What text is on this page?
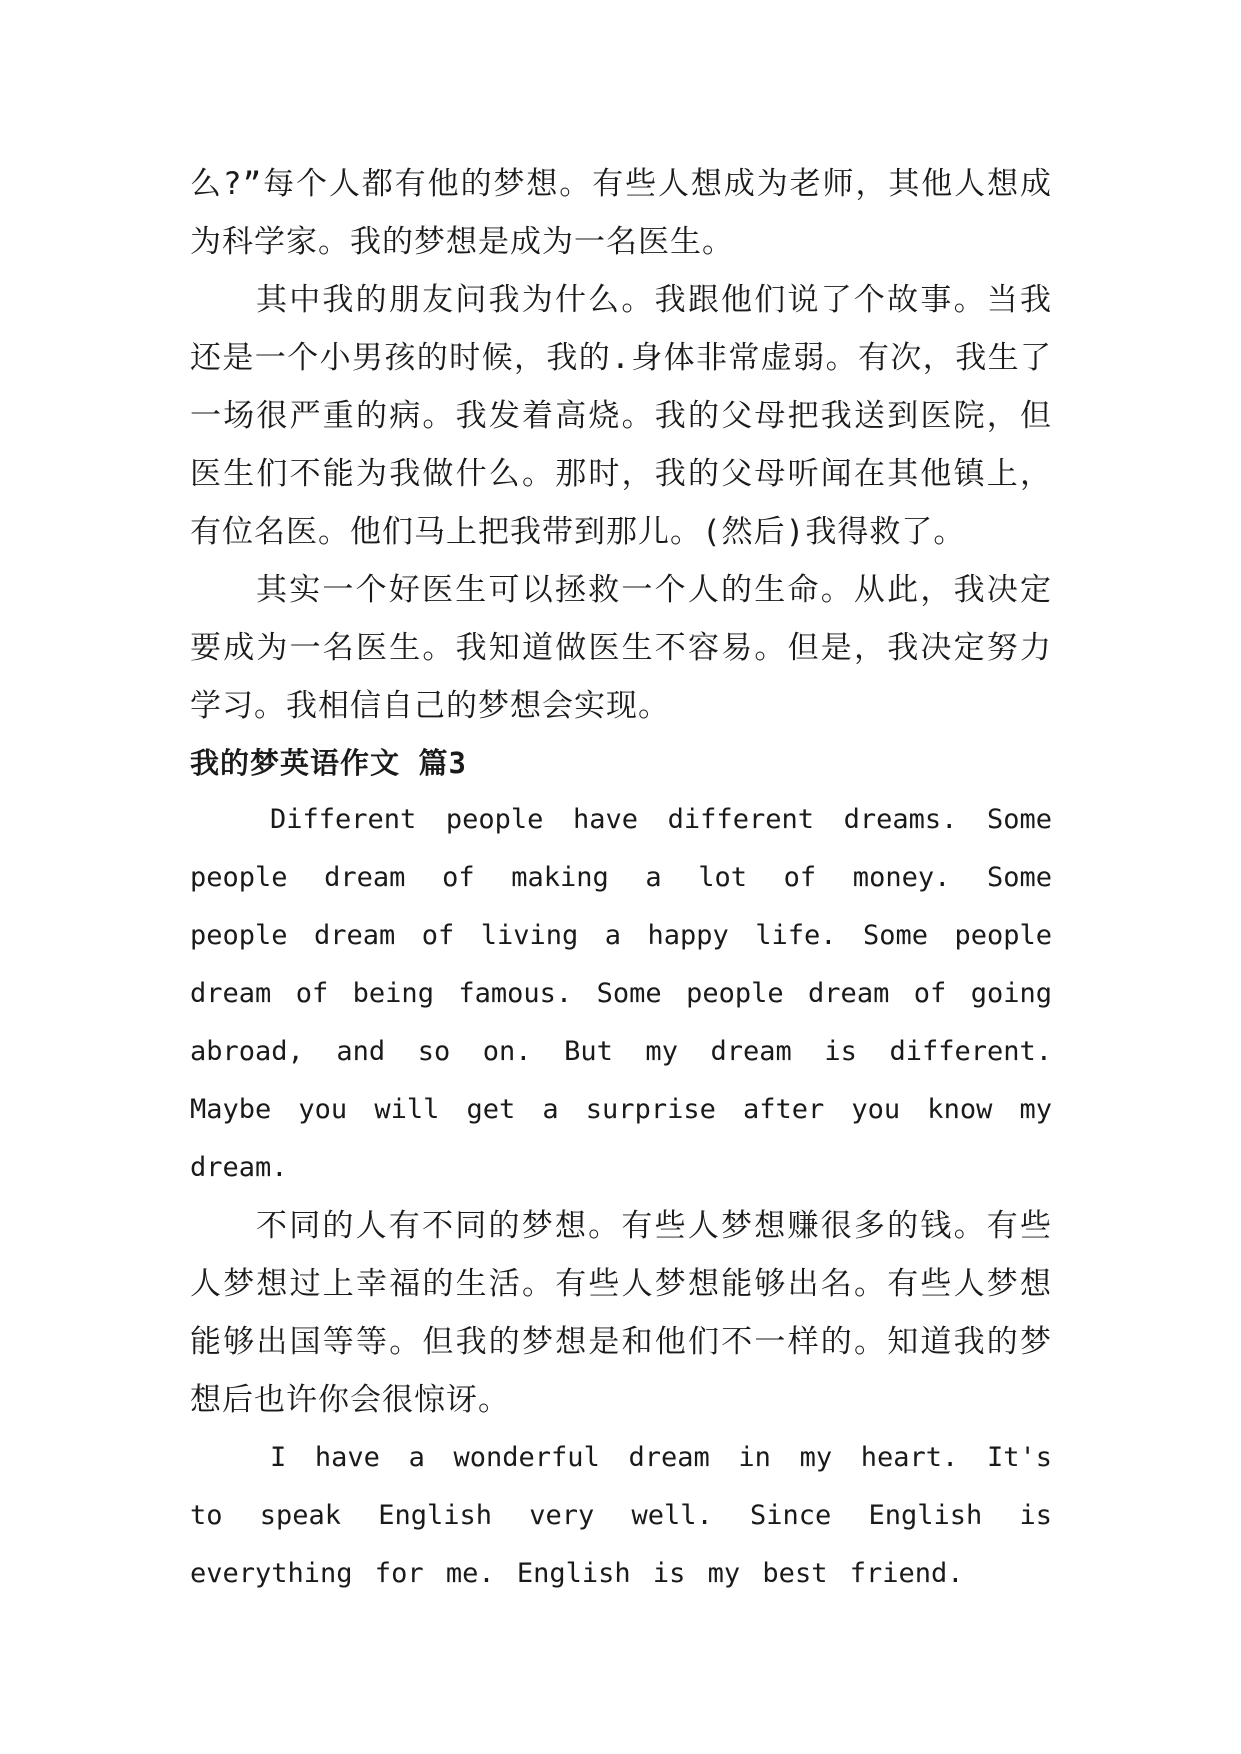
么?”每个人都有他的梦想。有些人想成为老师，其他人想成为科学家。我的梦想是成为一名医生。

其中我的朋友问我为什么。我跟他们说了个故事。当我还是一个小男孩的时候，我的.身体非常虚弱。有次，我生了一场很严重的病。我发着高烧。我的父母把我送到医院，但医生们不能为我做什么。那时，我的父母听闻在其他镇上，有位名医。他们马上把我带到那儿。(然后)我得救了。

其实一个好医生可以拯救一个人的生命。从此，我决定要成为一名医生。我知道做医生不容易。但是，我决定努力学习。我相信自己的梦想会实现。

我的梦英语作文 篇3

Different people have different dreams. Some people dream of making a lot of money. Some people dream of living a happy life. Some people dream of being famous. Some people dream of going abroad, and so on. But my dream is different. Maybe you will get a surprise after you know my dream.

不同的人有不同的梦想。有些人梦想赚很多的钱。有些人梦想过上幸福的生活。有些人梦想能够出名。有些人梦想能够出国等等。但我的梦想是和他们不一样的。知道我的梦想后也许你会很惊讶。

I have a wonderful dream in my heart. It's to speak English very well. Since English is everything for me. English is my best friend.
